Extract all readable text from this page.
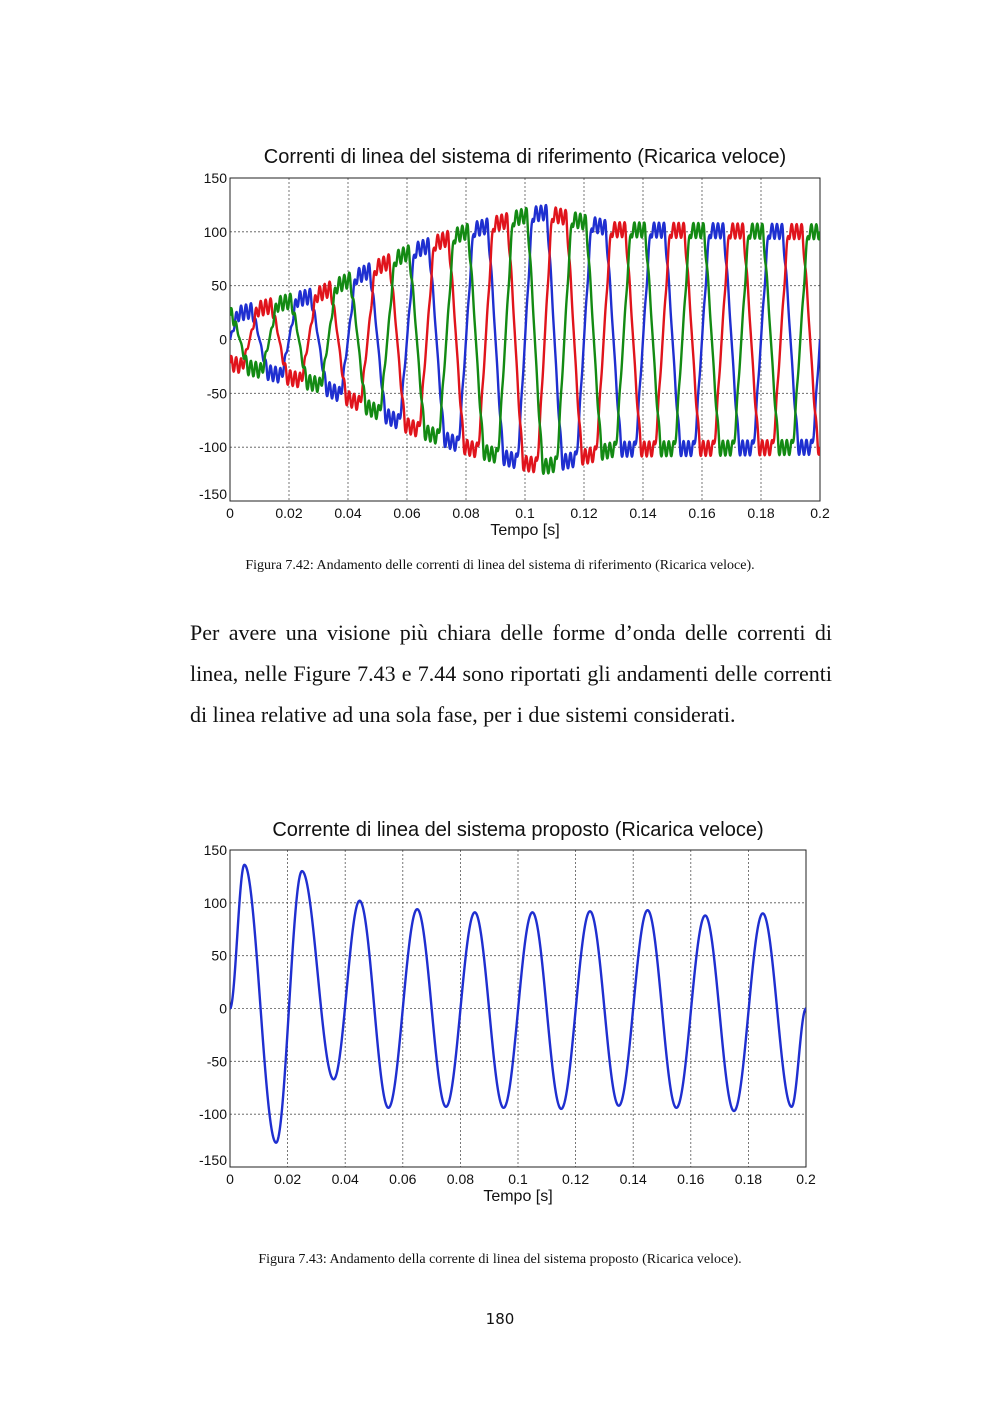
Correnti di linea del sistema di riferimento (Ricarica veloce)
0	0.02 0.04 0.06 0.08	0.1	0.12 0.14 0.16 0.18	0.2
150
100
50
0
-50
-100
-150
Tempo [s]
Figura 7.42: Andamento delle correnti di linea del sistema di riferimento (Ricarica veloce).

Per avere una visione più chiara delle forme d’onda delle correnti di linea, nelle Figure 7.43 e 7.44 sono riportati gli andamenti delle correnti di linea relative ad una sola fase, per i due sistemi considerati.

Corrente di linea del sistema proposto (Ricarica veloce)
0	0.02 0.04 0.06 0.08 0.1 0.12 0.14 0.16 0.18 0.2
150
100
50
0
-50
-100
-150
Tempo [s]
Figura 7.43: Andamento della corrente di linea del sistema proposto (Ricarica veloce).
180
